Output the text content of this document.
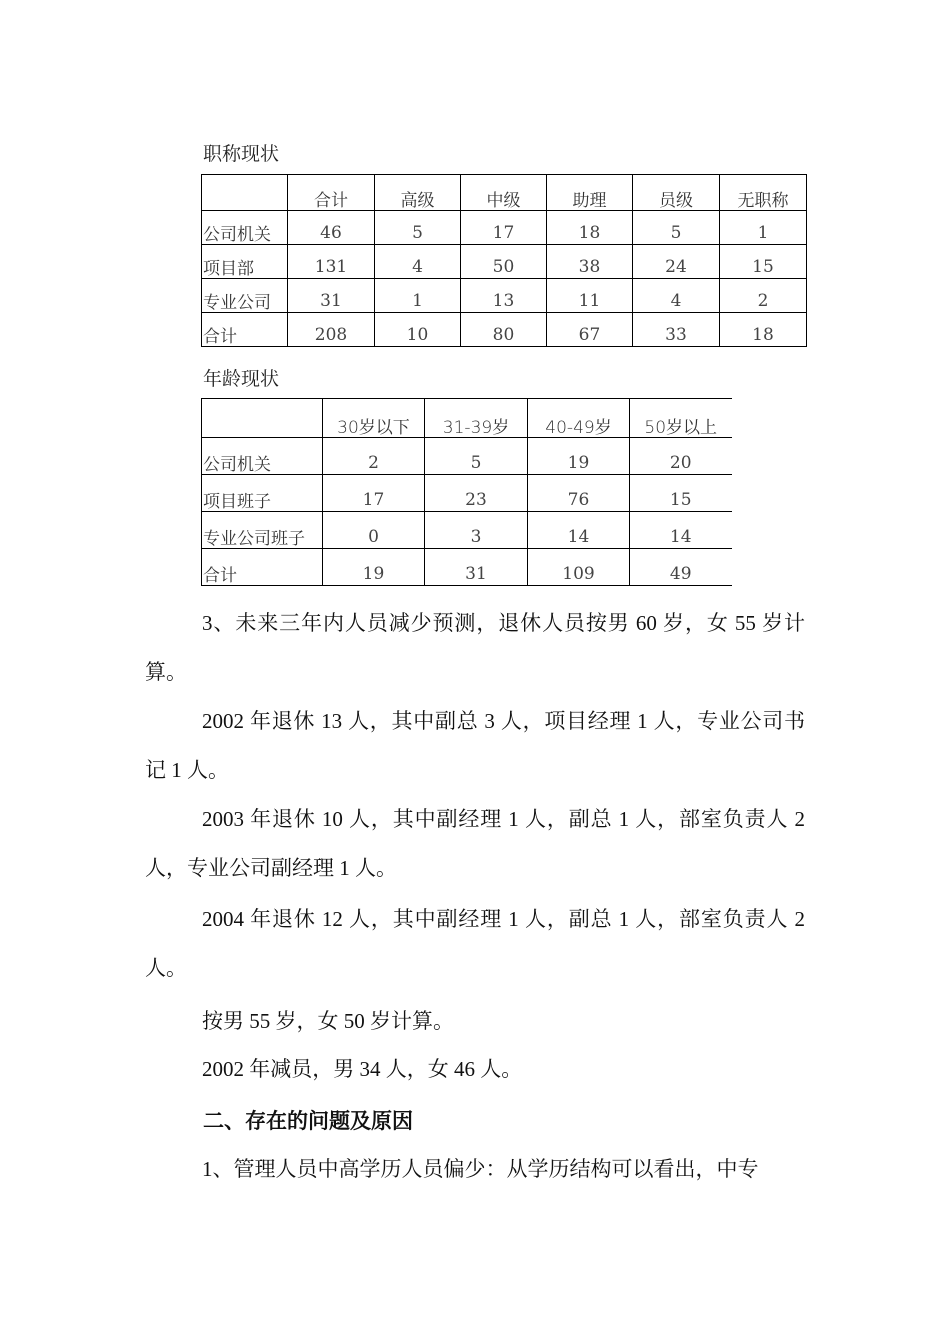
职称现状
	合计	高级	中级	助理	员级	无职称
公司机关	46	5	17	18	5	1
项目部	131	4	50	38	24	15
专业公司	31	1	13	11	4	2
合计	208	10	80	67	33	18
年龄现状
	30岁以下	31-39岁	40-49岁	50岁以上
公司机关	2	5	19	20
项目班子	17	23	76	15
专业公司班子	0	3	14	14
合计	19	31	109	49

3、未来三年内人员减少预测，退休人员按男 60 岁，女 55 岁计算。

2002 年退休 13 人，其中副总 3 人，项目经理 1 人，专业公司书记 1 人。

2003 年退休 10 人，其中副经理 1 人，副总 1 人，部室负责人 2 人，专业公司副经理 1 人。

2004 年退休 12 人，其中副经理 1 人，副总 1 人，部室负责人 2 人。

按男 55 岁，女 50 岁计算。

2002 年减员，男 34 人，女 46 人。

二、存在的问题及原因

1、管理人员中高学历人员偏少：从学历结构可以看出，中专
